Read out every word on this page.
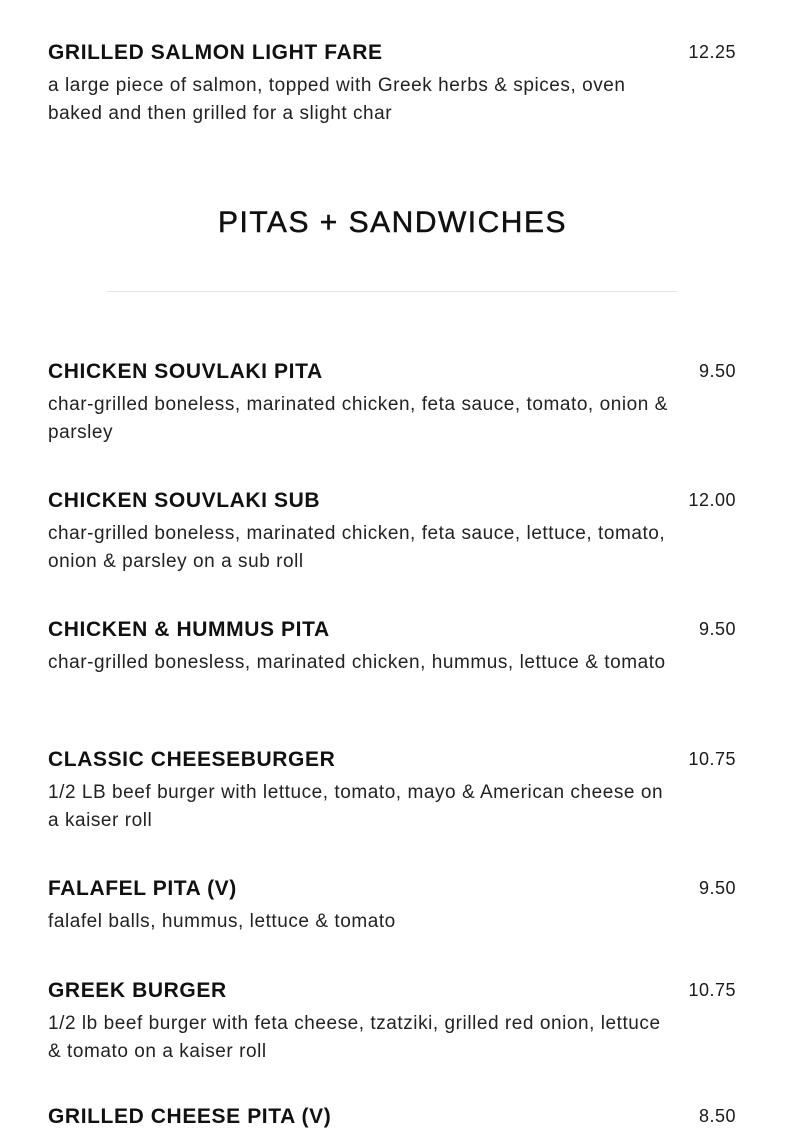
GRILLED SALMON LIGHT FARE	12.25
a large piece of salmon, topped with Greek herbs & spices, oven baked and then grilled for a slight char
PITAS + SANDWICHES
CHICKEN SOUVLAKI PITA	9.50
char-grilled boneless, marinated chicken, feta sauce, tomato, onion & parsley
CHICKEN SOUVLAKI SUB	12.00
char-grilled boneless, marinated chicken, feta sauce, lettuce, tomato, onion & parsley on a sub roll
CHICKEN & HUMMUS PITA	9.50
char-grilled bonesless, marinated chicken, hummus, lettuce & tomato
CLASSIC CHEESEBURGER	10.75
1/2 LB beef burger with lettuce, tomato, mayo & American cheese on a kaiser roll
FALAFEL PITA (V)	9.50
falafel balls, hummus, lettuce & tomato
GREEK BURGER	10.75
1/2 lb beef burger with feta cheese, tzatziki, grilled red onion, lettuce & tomato on a kaiser roll
GRILLED CHEESE PITA (V)	8.50
